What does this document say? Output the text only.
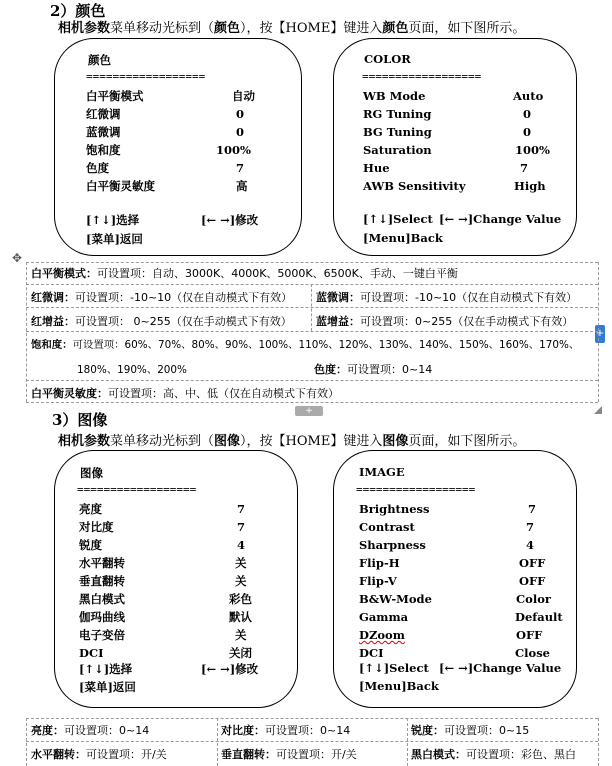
2）颜色
相机参数菜单移动光标到（颜色），按【HOME】键进入颜色页面，如下图所示。
颜色
==================
白平衡模式	自动
红微调	0
蓝微调	0
饱和度	100%
色度	7
白平衡灵敏度	高
[↑↓]选择	[← →]修改
[菜单]返回
COLOR
==================
WB Mode	Auto
RG Tuning	0
BG Tuning	0
Saturation	100%
Hue	7
AWB Sensitivity	High
[↑↓]Select [← →]Change Value
[Menu]Back
✥
+
白平衡模式：可设置项：自动、3000K、4000K、5000K、6500K、手动、一键白平衡
红微调：可设置项：-10~10（仅在自动模式下有效） 蓝微调：可设置项：-10~10（仅在自动模式下有效）
红增益：可设置项： 0~255（仅在手动模式下有效） 蓝增益：可设置项：0~255（仅在手动模式下有效）
饱和度：可设置项：60%、70%、80%、90%、100%、110%、120%、130%、140%、150%、160%、170%、
180%、190%、200%	色度：可设置项：0~14
白平衡灵敏度：可设置项：高、中、低（仅在自动模式下有效）
+
3）图像
相机参数菜单移动光标到（图像），按【HOME】键进入图像页面，如下图所示。
图像
==================
亮度	7
对比度	7
锐度	4
水平翻转	关
垂直翻转	关
黑白模式	彩色
伽玛曲线	默认
电子变倍	关
DCI	关闭
[↑↓]选择	[← →]修改
[菜单]返回
IMAGE
==================
Brightness	7
Contrast	7
Sharpness	4
Flip-H	OFF
Flip-V	OFF
B&W-Mode	Color
Gamma	Default
DZoom	OFF
DCI	Close
[↑↓]Select [← →]Change Value
[Menu]Back
亮度：可设置项：0~14	对比度：可设置项：0~14	锐度：可设置项：0~15
水平翻转：可设置项：开/关	垂直翻转：可设置项：开/关	黑白模式：可设置项：彩色、黑白
